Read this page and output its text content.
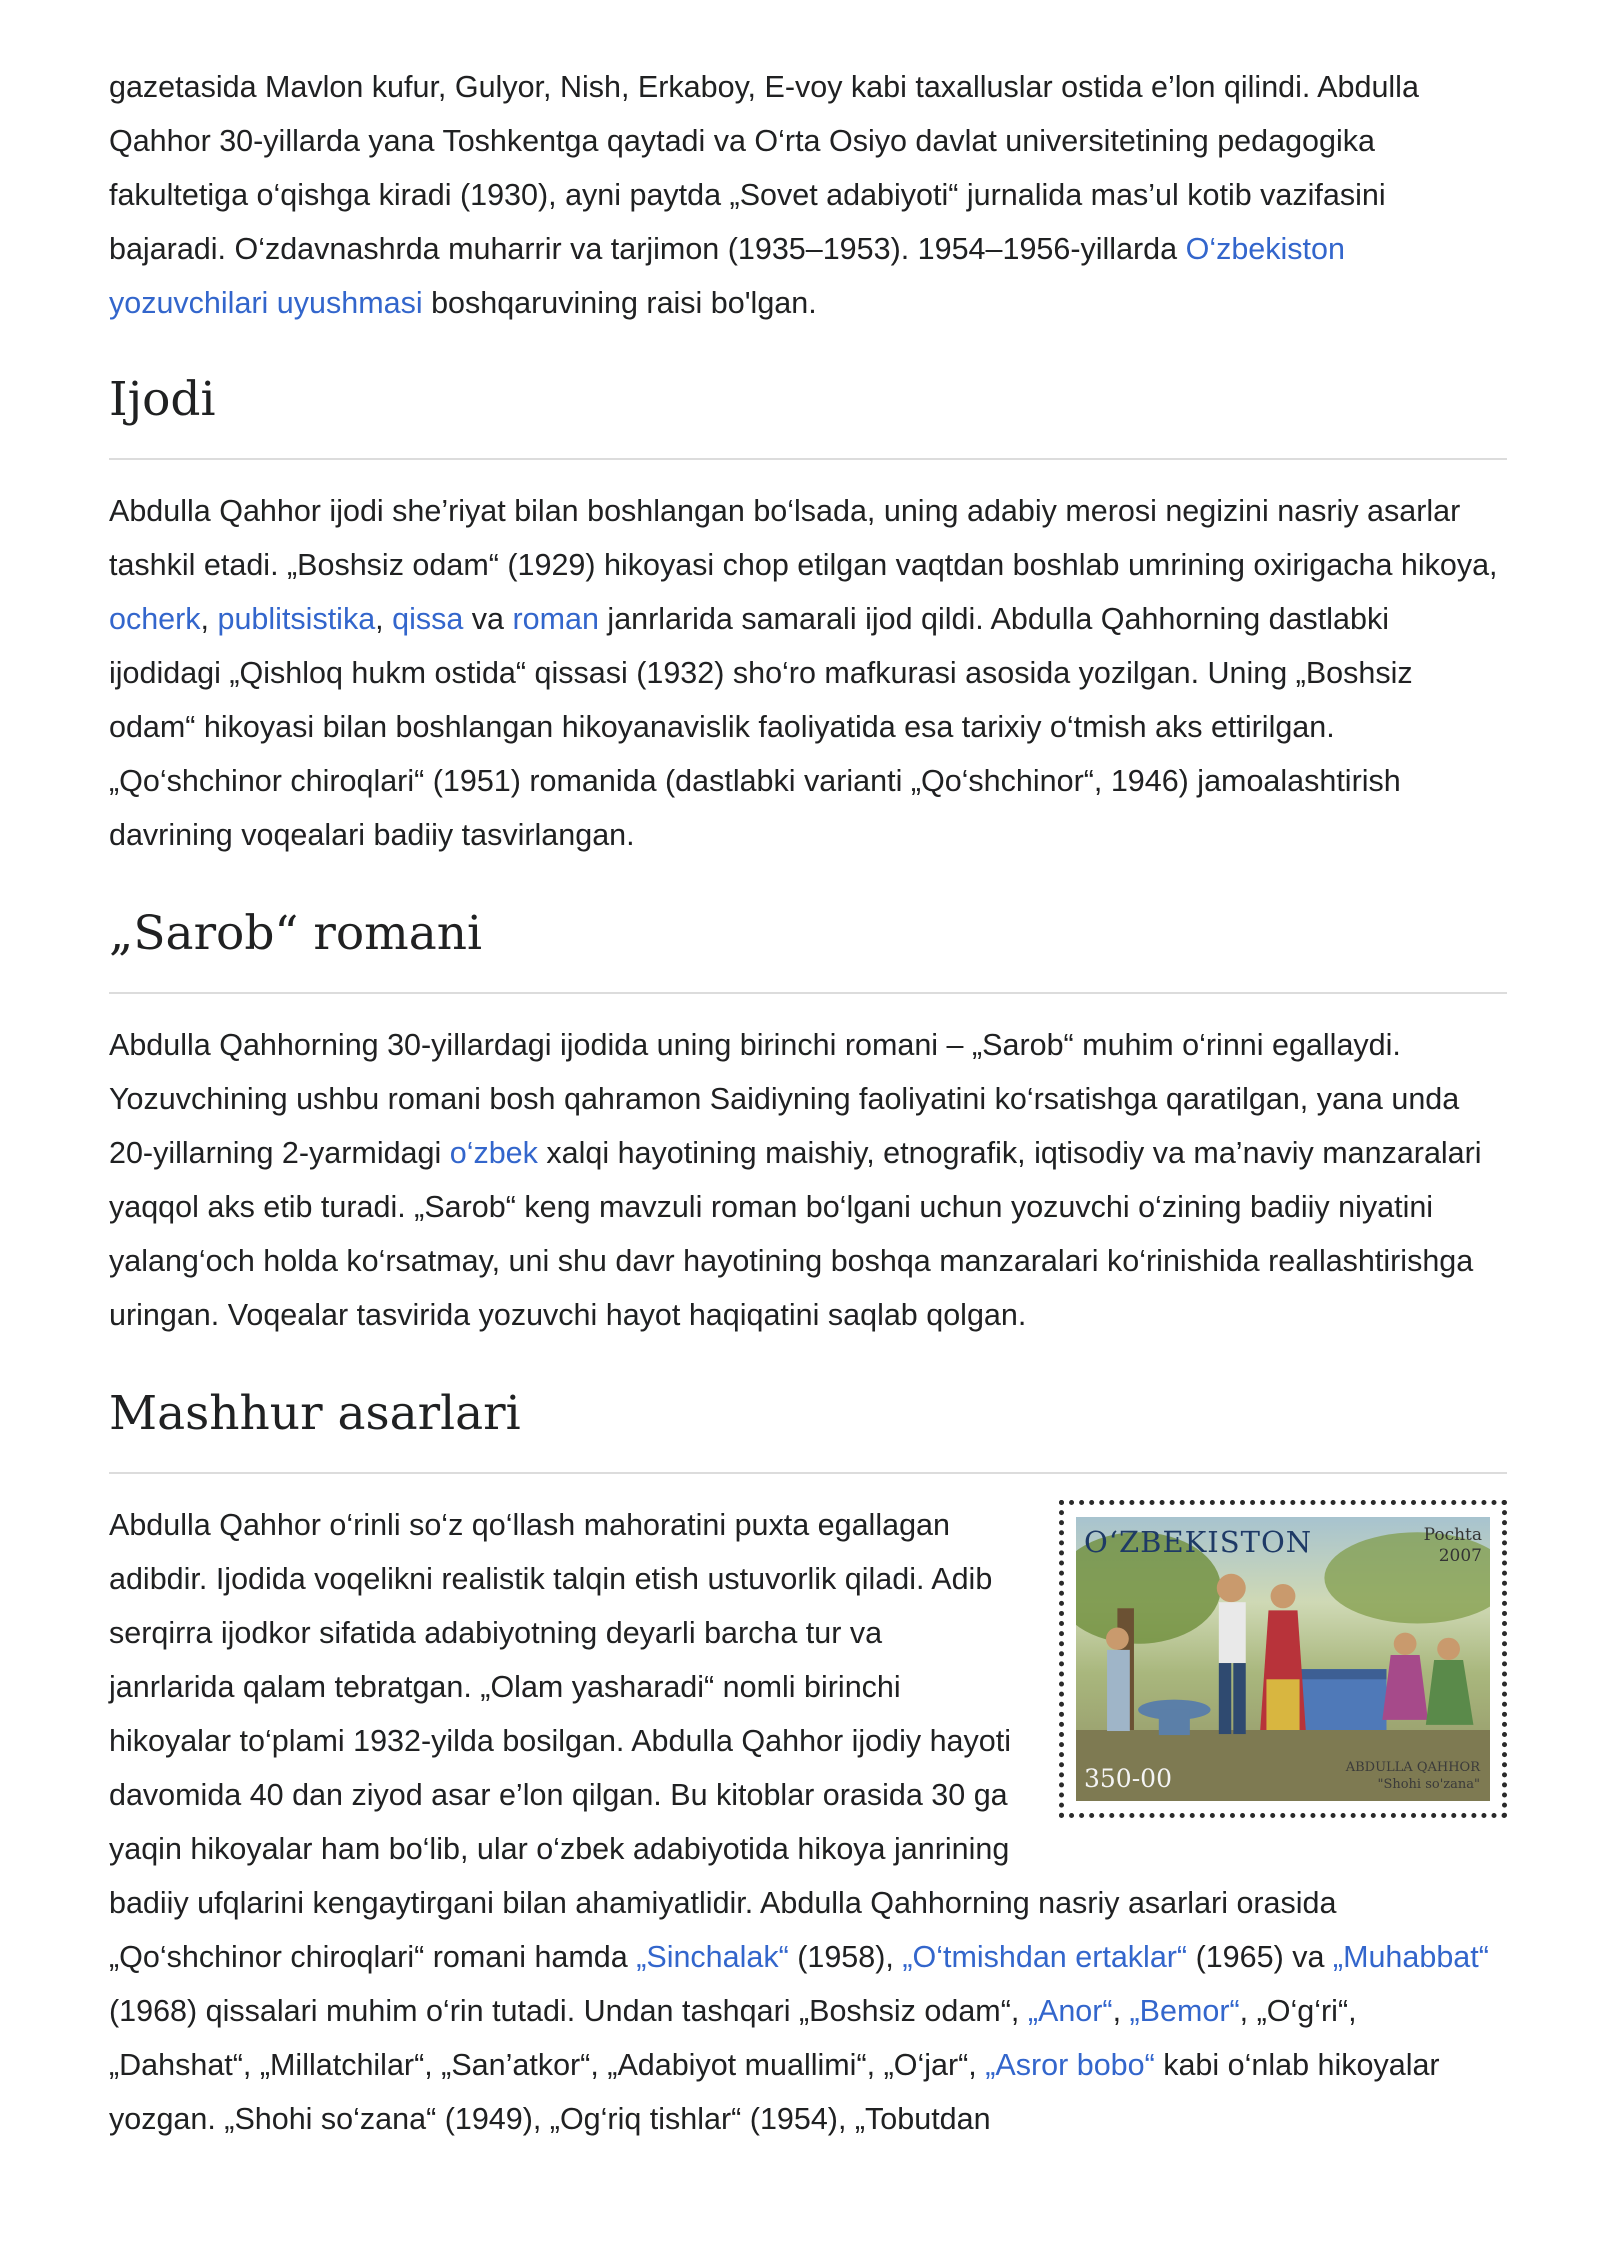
gazetasida Mavlon kufur, Gulyor, Nish, Erkaboy, E-voy kabi taxalluslar ostida e’lon qilindi. Abdulla Qahhor 30-yillarda yana Toshkentga qaytadi va O‘rta Osiyo davlat universitetining pedagogika fakultetiga o‘qishga kiradi (1930), ayni paytda „Sovet adabiyoti“ jurnalida mas’ul kotib vazifasini bajaradi. O‘zdavnashrda muharrir va tarjimon (1935–1953). 1954–1956-yillarda O‘zbekiston yozuvchilari uyushmasi boshqaruvining raisi bo'lgan.

Ijodi

Abdulla Qahhor ijodi she’riyat bilan boshlangan bo‘lsada, uning adabiy merosi negizini nasriy asarlar tashkil etadi. „Boshsiz odam“ (1929) hikoyasi chop etilgan vaqtdan boshlab umrining oxirigacha hikoya, ocherk, publitsistika, qissa va roman janrlarida samarali ijod qildi. Abdulla Qahhorning dastlabki ijodidagi „Qishloq hukm ostida“ qissasi (1932) sho‘ro mafkurasi asosida yozilgan. Uning „Boshsiz odam“ hikoyasi bilan boshlangan hikoyanavislik faoliyatida esa tarixiy o‘tmish aks ettirilgan. „Qo‘shchinor chiroqlari“ (1951) romanida (dastlabki varianti „Qo‘shchinor“, 1946) jamoalashtirish davrining voqealari badiiy tasvirlangan.

„Sarob“ romani

Abdulla Qahhorning 30-yillardagi ijodida uning birinchi romani – „Sarob“ muhim o‘rinni egallaydi. Yozuvchining ushbu romani bosh qahramon Saidiyning faoliyatini ko‘rsatishga qaratilgan, yana unda 20-yillarning 2-yarmidagi o‘zbek xalqi hayotining maishiy, etnografik, iqtisodiy va ma’naviy manzaralari yaqqol aks etib turadi. „Sarob“ keng mavzuli roman bo‘lgani uchun yozuvchi o‘zining badiiy niyatini yalang‘och holda ko‘rsatmay, uni shu davr hayotining boshqa manzaralari ko‘rinishida reallashtirishga uringan. Voqealar tasvirida yozuvchi hayot haqiqatini saqlab qolgan.

Mashhur asarlari
O‘ZBEKISTON	Pochta
2007
350-00	ABDULLA QAHHOR
"Shohi so'zana"

Abdulla Qahhor o‘rinli so‘z qo‘llash mahoratini puxta egallagan adibdir. Ijodida voqelikni realistik talqin etish ustuvorlik qiladi. Adib serqirra ijodkor sifatida adabiyotning deyarli barcha tur va janrlarida qalam tebratgan. „Olam yasharadi“ nomli birinchi hikoyalar to‘plami 1932-yilda bosilgan. Abdulla Qahhor ijodiy hayoti davomida 40 dan ziyod asar e’lon qilgan. Bu kitoblar orasida 30 ga yaqin hikoyalar ham bo‘lib, ular o‘zbek adabiyotida hikoya janrining badiiy ufqlarini kengaytirgani bilan ahamiyatlidir. Abdulla Qahhorning nasriy asarlari orasida „Qo‘shchinor chiroqlari“ romani hamda „Sinchalak“ (1958), „O‘tmishdan ertaklar“ (1965) va „Muhabbat“ (1968) qissalari muhim o‘rin tutadi. Undan tashqari „Boshsiz odam“, „Anor“, „Bemor“, „O‘g‘ri“, „Dahshat“, „Millatchilar“, „San’atkor“, „Adabiyot muallimi“, „O‘jar“, „Asror bobo“ kabi o‘nlab hikoyalar yozgan. „Shohi so‘zana“ (1949), „Og‘riq tishlar“ (1954), „Tobutdan
